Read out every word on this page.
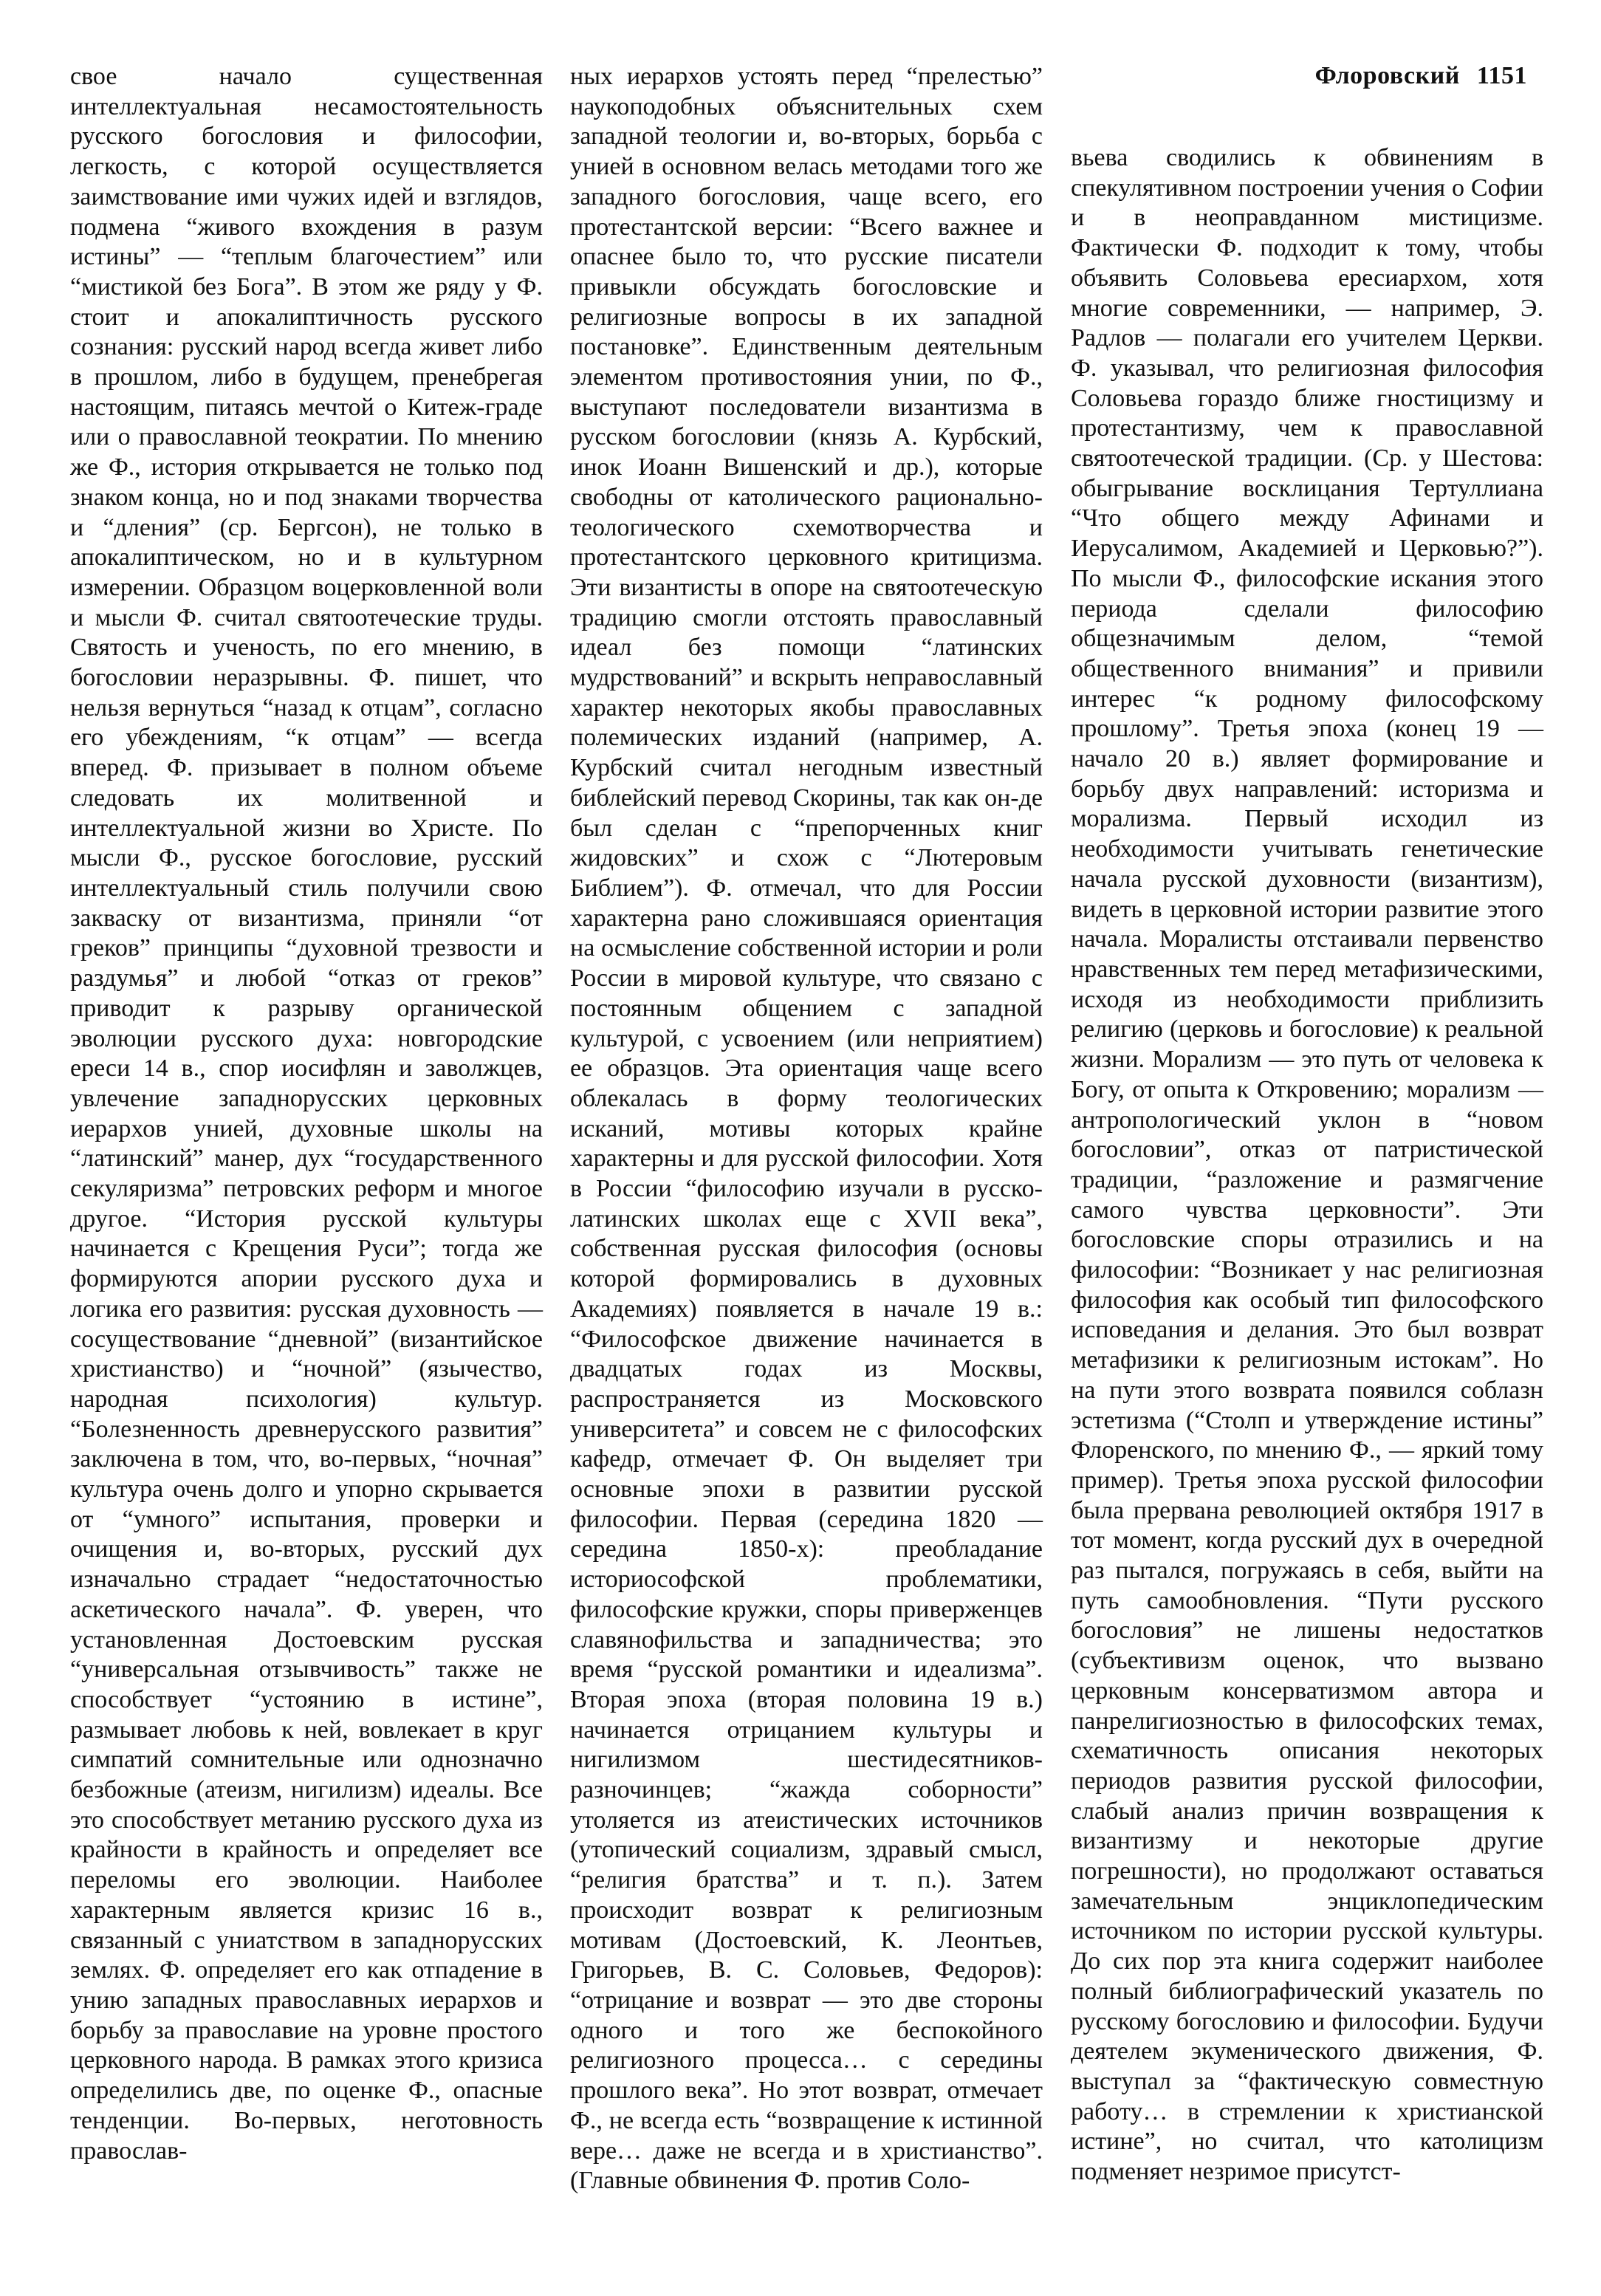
Флоровский 1151

свое начало существенная интеллектуальная несамостоятельность русского богословия и философии, легкость, с которой осуществляется заимствование ими чужих идей и взглядов, подмена “живого вхождения в разум истины” — “теплым благочестием” или “мистикой без Бога”. В этом же ряду у Ф. стоит и апокалиптичность русского сознания: русский народ всегда живет либо в прошлом, либо в будущем, пренебрегая настоящим, питаясь мечтой о Китеж-граде или о православной теократии. По мнению же Ф., история открывается не только под знаком конца, но и под знаками творчества и “дления” (ср. Бергсон), не только в апокалиптическом, но и в культурном измерении. Образцом воцерковленной воли и мысли Ф. считал святоотеческие труды. Святость и ученость, по его мнению, в богословии неразрывны. Ф. пишет, что нельзя вернуться “назад к отцам”, согласно его убеждениям, “к отцам” — всегда вперед. Ф. призывает в полном объеме следовать их молитвенной и интеллектуальной жизни во Христе. По мысли Ф., русское богословие, русский интеллектуальный стиль получили свою закваску от византизма, приняли “от греков” принципы “духовной трезвости и раздумья” и любой “отказ от греков” приводит к разрыву органической эволюции русского духа: новгородские ереси 14 в., спор иосифлян и заволжцев, увлечение западнорусских церковных иерархов унией, духовные школы на “латинский” манер, дух “государственного секуляризма” петровских реформ и многое другое. “История русской культуры начинается с Крещения Руси”; тогда же формируются апории русского духа и логика его развития: русская духовность — сосуществование “дневной” (византийское христианство) и “ночной” (язычество, народная психология) культур. “Болезненность древнерусского развития” заключена в том, что, во-первых, “ночная” культура очень долго и упорно скрывается от “умного” испытания, проверки и очищения и, во-вторых, русский дух изначально страдает “недостаточностью аскетического начала”. Ф. уверен, что установленная Достоевским русская “универсальная отзывчивость” также не способствует “устоянию в истине”, размывает любовь к ней, вовлекает в круг симпатий сомнительные или однозначно безбожные (атеизм, нигилизм) идеалы. Все это способствует метанию русского духа из крайности в крайность и определяет все переломы его эволюции. Наиболее характерным является кризис 16 в., связанный с униатством в западнорусских землях. Ф. определяет его как отпадение в унию западных православных иерархов и борьбу за православие на уровне простого церковного народа. В рамках этого кризиса определились две, по оценке Ф., опасные тенденции. Во-первых, неготовность православ-

ных иерархов устоять перед “прелестью” наукоподобных объяснительных схем западной теологии и, во-вторых, борьба с унией в основном велась методами того же западного богословия, чаще всего, его протестантской версии: “Всего важнее и опаснее было то, что русские писатели привыкли обсуждать богословские и религиозные вопросы в их западной постановке”. Единственным деятельным элементом противостояния унии, по Ф., выступают последователи византизма в русском богословии (князь А. Курбский, инок Иоанн Вишенский и др.), которые свободны от католического рационально-теологического схемотворчества и протестантского церковного критицизма. Эти византисты в опоре на святоотеческую традицию смогли отстоять православный идеал без помощи “латинских мудрствований” и вскрыть неправославный характер некоторых якобы православных полемических изданий (например, А. Курбский считал негодным известный библейский перевод Скорины, так как он-де был сделан с “препорченных книг жидовских” и схож с “Лютеровым Библием”). Ф. отмечал, что для России характерна рано сложившаяся ориентация на осмысление собственной истории и роли России в мировой культуре, что связано с постоянным общением с западной культурой, с усвоением (или неприятием) ее образцов. Эта ориентация чаще всего облекалась в форму теологических исканий, мотивы которых крайне характерны и для русской философии. Хотя в России “философию изучали в русско-латинских школах еще с XVII века”, собственная русская философия (основы которой формировались в духовных Академиях) появляется в начале 19 в.: “Философское движение начинается в двадцатых годах из Москвы, распространяется из Московского университета” и совсем не с философских кафедр, отмечает Ф. Он выделяет три основные эпохи в развитии русской философии. Первая (середина 1820 — середина 1850-х): преобладание историософской проблематики, философские кружки, споры приверженцев славянофильства и западничества; это время “русской романтики и идеализма”. Вторая эпоха (вторая половина 19 в.) начинается отрицанием культуры и нигилизмом шестидесятников-разночинцев; “жажда соборности” утоляется из атеистических источников (утопический социализм, здравый смысл, “религия братства” и т. п.). Затем происходит возврат к религиозным мотивам (Достоевский, К. Леонтьев, Григорьев, В. С. Соловьев, Федоров): “отрицание и возврат — это две стороны одного и того же беспокойного религиозного процесса… с середины прошлого века”. Но этот возврат, отмечает Ф., не всегда есть “возвращение к истинной вере… даже не всегда и в христианство”. (Главные обвинения Ф. против Соло-

вьева сводились к обвинениям в спекулятивном построении учения о Софии и в неоправданном мистицизме. Фактически Ф. подходит к тому, чтобы объявить Соловьева ересиархом, хотя многие современники, — например, Э. Радлов — полагали его учителем Церкви. Ф. указывал, что религиозная философия Соловьева гораздо ближе гностицизму и протестантизму, чем к православной святоотеческой традиции. (Ср. у Шестова: обыгрывание восклицания Тертуллиана “Что общего между Афинами и Иерусалимом, Академией и Церковью?”). По мысли Ф., философские искания этого периода сделали философию общезначимым делом, “темой общественного внимания” и привили интерес “к родному философскому прошлому”. Третья эпоха (конец 19 — начало 20 в.) являет формирование и борьбу двух направлений: историзма и морализма. Первый исходил из необходимости учитывать генетические начала русской духовности (византизм), видеть в церковной истории развитие этого начала. Моралисты отстаивали первенство нравственных тем перед метафизическими, исходя из необходимости приблизить религию (церковь и богословие) к реальной жизни. Морализм — это путь от человека к Богу, от опыта к Откровению; морализм — антропологический уклон в “новом богословии”, отказ от патристической традиции, “разложение и размягчение самого чувства церковности”. Эти богословские споры отразились и на философии: “Возникает у нас религиозная философия как особый тип философского исповедания и делания. Это был возврат метафизики к религиозным истокам”. Но на пути этого возврата появился соблазн эстетизма (“Столп и утверждение истины” Флоренского, по мнению Ф., — яркий тому пример). Третья эпоха русской философии была прервана революцией октября 1917 в тот момент, когда русский дух в очередной раз пытался, погружаясь в себя, выйти на путь самообновления. “Пути русского богословия” не лишены недостатков (субъективизм оценок, что вызвано церковным консерватизмом автора и панрелигиозностью в философских темах, схематичность описания некоторых периодов развития русской философии, слабый анализ причин возвращения к византизму и некоторые другие погрешности), но продолжают оставаться замечательным энциклопедическим источником по истории русской культуры. До сих пор эта книга содержит наиболее полный библиографический указатель по русскому богословию и философии. Будучи деятелем экуменического движения, Ф. выступал за “фактическую совместную работу… в стремлении к христианской истине”, но считал, что католицизм подменяет незримое присутст-
